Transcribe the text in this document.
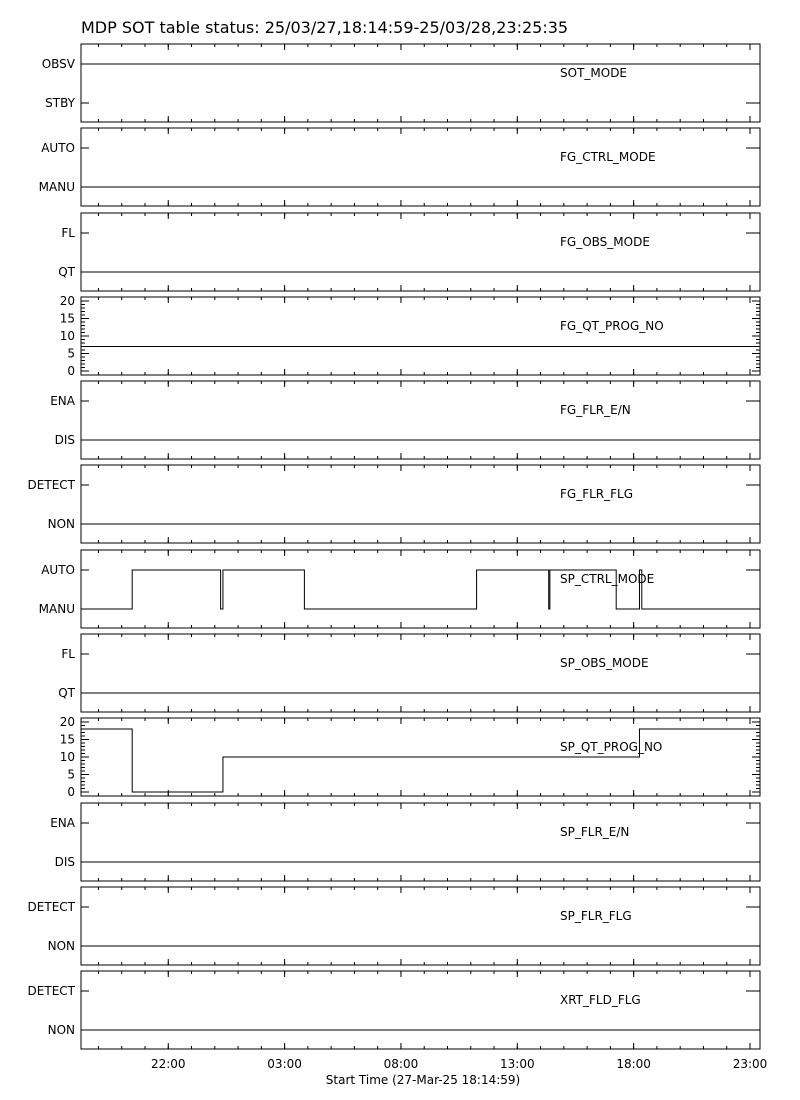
MDP SOT table status: 25/03/27,18:14:59-25/03/28,23:25:35
OBSV
STBY
SOT_MODE
AUTO
MANU
FG_CTRL_MODE
FL
QT
FG_OBS_MODE
0
5
10
15
20
FG_QT_PROG_NO
ENA
DIS
FG_FLR_E/N
DETECT
NON
FG_FLR_FLG
AUTO
MANU
SP_CTRL_MODE
FL
QT
SP_OBS_MODE
0
5
10
15
20
SP_QT_PROG_NO
ENA
DIS
SP_FLR_E/N
DETECT
NON
SP_FLR_FLG
DETECT
NON
XRT_FLD_FLG
22:00	03:00	08:00	13:00	18:00	23:00
Start Time (27-Mar-25 18:14:59)
